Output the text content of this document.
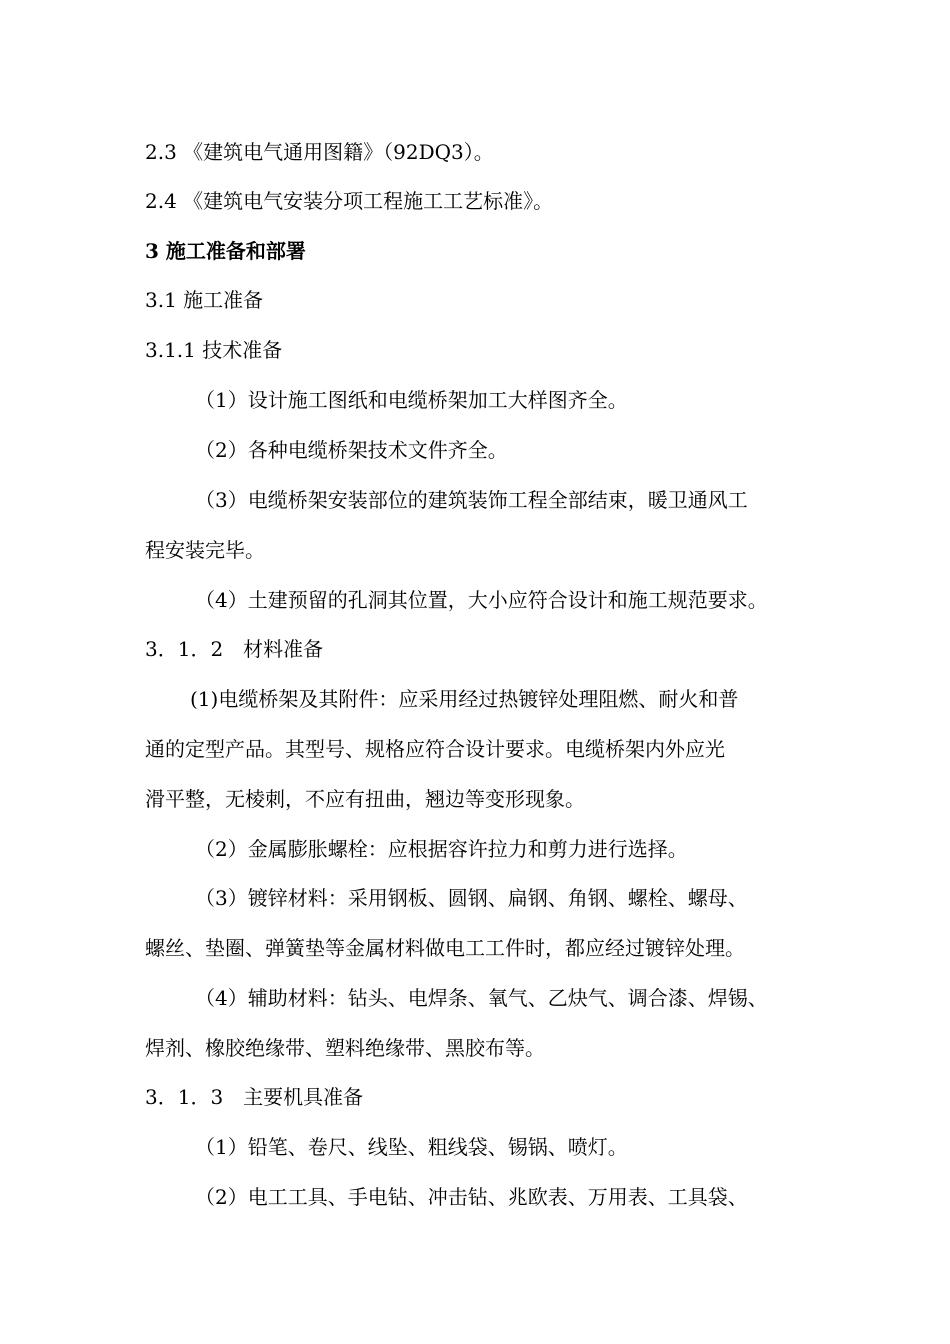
2.3 《建筑电气通用图籍》（92DQ3）。
2.4 《建筑电气安装分项工程施工工艺标准》。
3 施工准备和部署
3.1 施工准备
3.1.1 技术准备
（1）设计施工图纸和电缆桥架加工大样图齐全。
（2）各种电缆桥架技术文件齐全。
（3）电缆桥架安装部位的建筑装饰工程全部结束，暖卫通风工
程安装完毕。
（4）土建预留的孔洞其位置，大小应符合设计和施工规范要求。
3．1．2　材料准备
(1)电缆桥架及其附件：应采用经过热镀锌处理阻燃、耐火和普
通的定型产品。其型号、规格应符合设计要求。电缆桥架内外应光
滑平整，无棱刺，不应有扭曲，翘边等变形现象。
（2）金属膨胀螺栓：应根据容许拉力和剪力进行选择。
（3）镀锌材料：采用钢板、圆钢、扁钢、角钢、螺栓、螺母、
螺丝、垫圈、弹簧垫等金属材料做电工工件时，都应经过镀锌处理。
（4）辅助材料：钻头、电焊条、氧气、乙炔气、调合漆、焊锡、
焊剂、橡胶绝缘带、塑料绝缘带、黑胶布等。
3．1．3　主要机具准备
（1）铅笔、卷尺、线坠、粗线袋、锡锅、喷灯。
（2）电工工具、手电钻、冲击钻、兆欧表、万用表、工具袋、
